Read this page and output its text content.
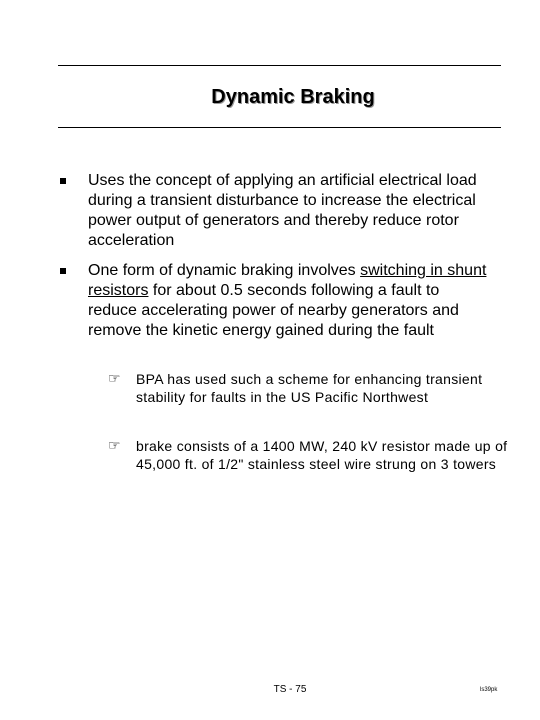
Dynamic Braking

Uses the concept of applying an artificial electrical load during a transient disturbance to increase the electrical power output of generators and thereby reduce rotor acceleration

One form of dynamic braking involves switching in shunt resistors for about 0.5 seconds following a fault to reduce accelerating power of nearby generators and remove the kinetic energy gained during the fault

☞ BPA has used such a scheme for enhancing transient stability for faults in the US Pacific Northwest

☞ brake consists of a 1400 MW, 240 kV resistor made up of 45,000 ft. of 1/2" stainless steel wire strung on 3 towers

TS - 75	ls39pk
